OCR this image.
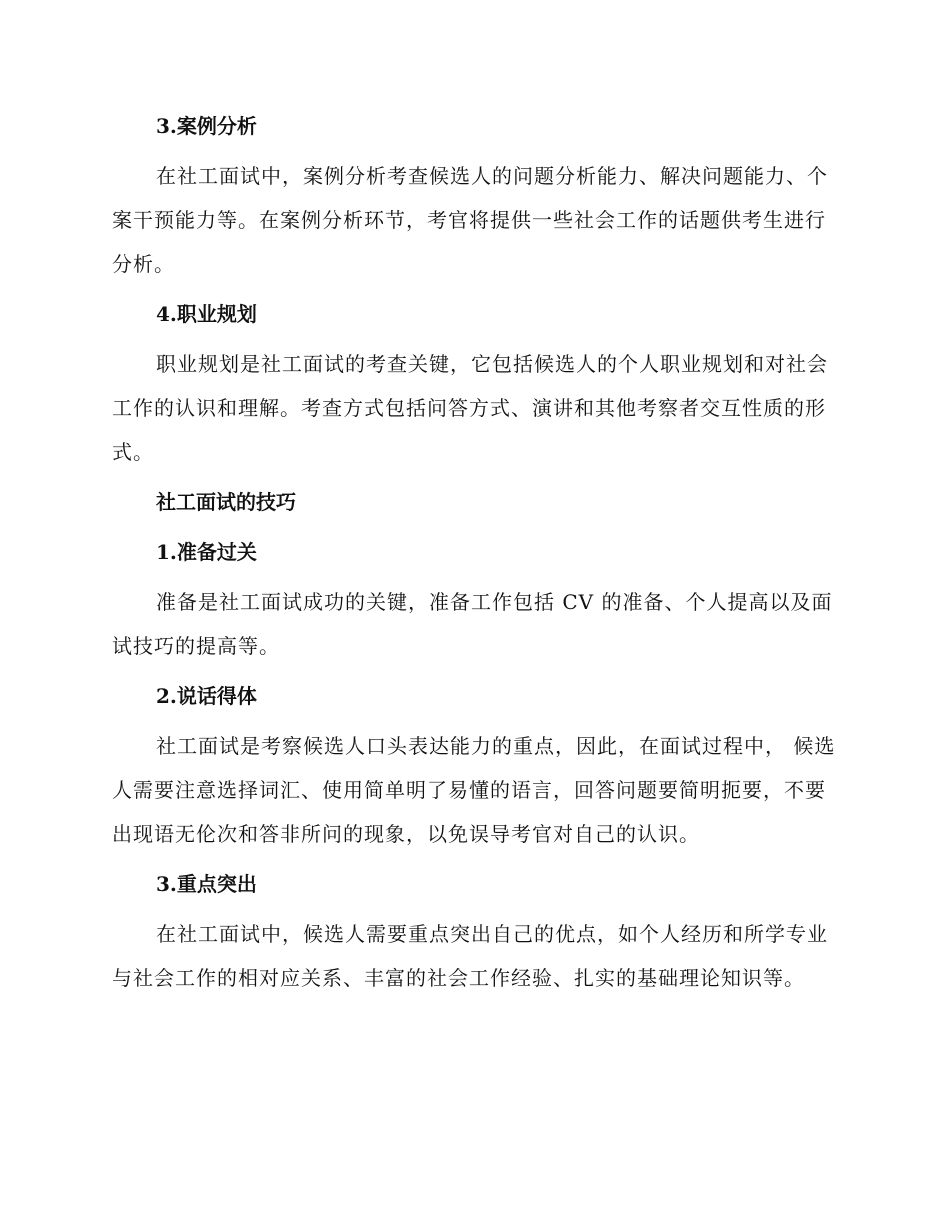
3.案例分析

在社工面试中，案例分析考查候选人的问题分析能力、解决问题能力、个案干预能力等。在案例分析环节，考官将提供一些社会工作的话题供考生进行分析。

4.职业规划

职业规划是社工面试的考查关键，它包括候选人的个人职业规划和对社会工作的认识和理解。考查方式包括问答方式、演讲和其他考察者交互性质的形式。

社工面试的技巧
1.准备过关

准备是社工面试成功的关键，准备工作包括 CV 的准备、个人提高以及面试技巧的提高等。

2.说话得体

社工面试是考察候选人口头表达能力的重点，因此，在面试过程中， 候选人需要注意选择词汇、使用简单明了易懂的语言，回答问题要简明扼要，不要出现语无伦次和答非所问的现象，以免误导考官对自己的认识。

3.重点突出

在社工面试中，候选人需要重点突出自己的优点，如个人经历和所学专业与社会工作的相对应关系、丰富的社会工作经验、扎实的基础理论知识等。
